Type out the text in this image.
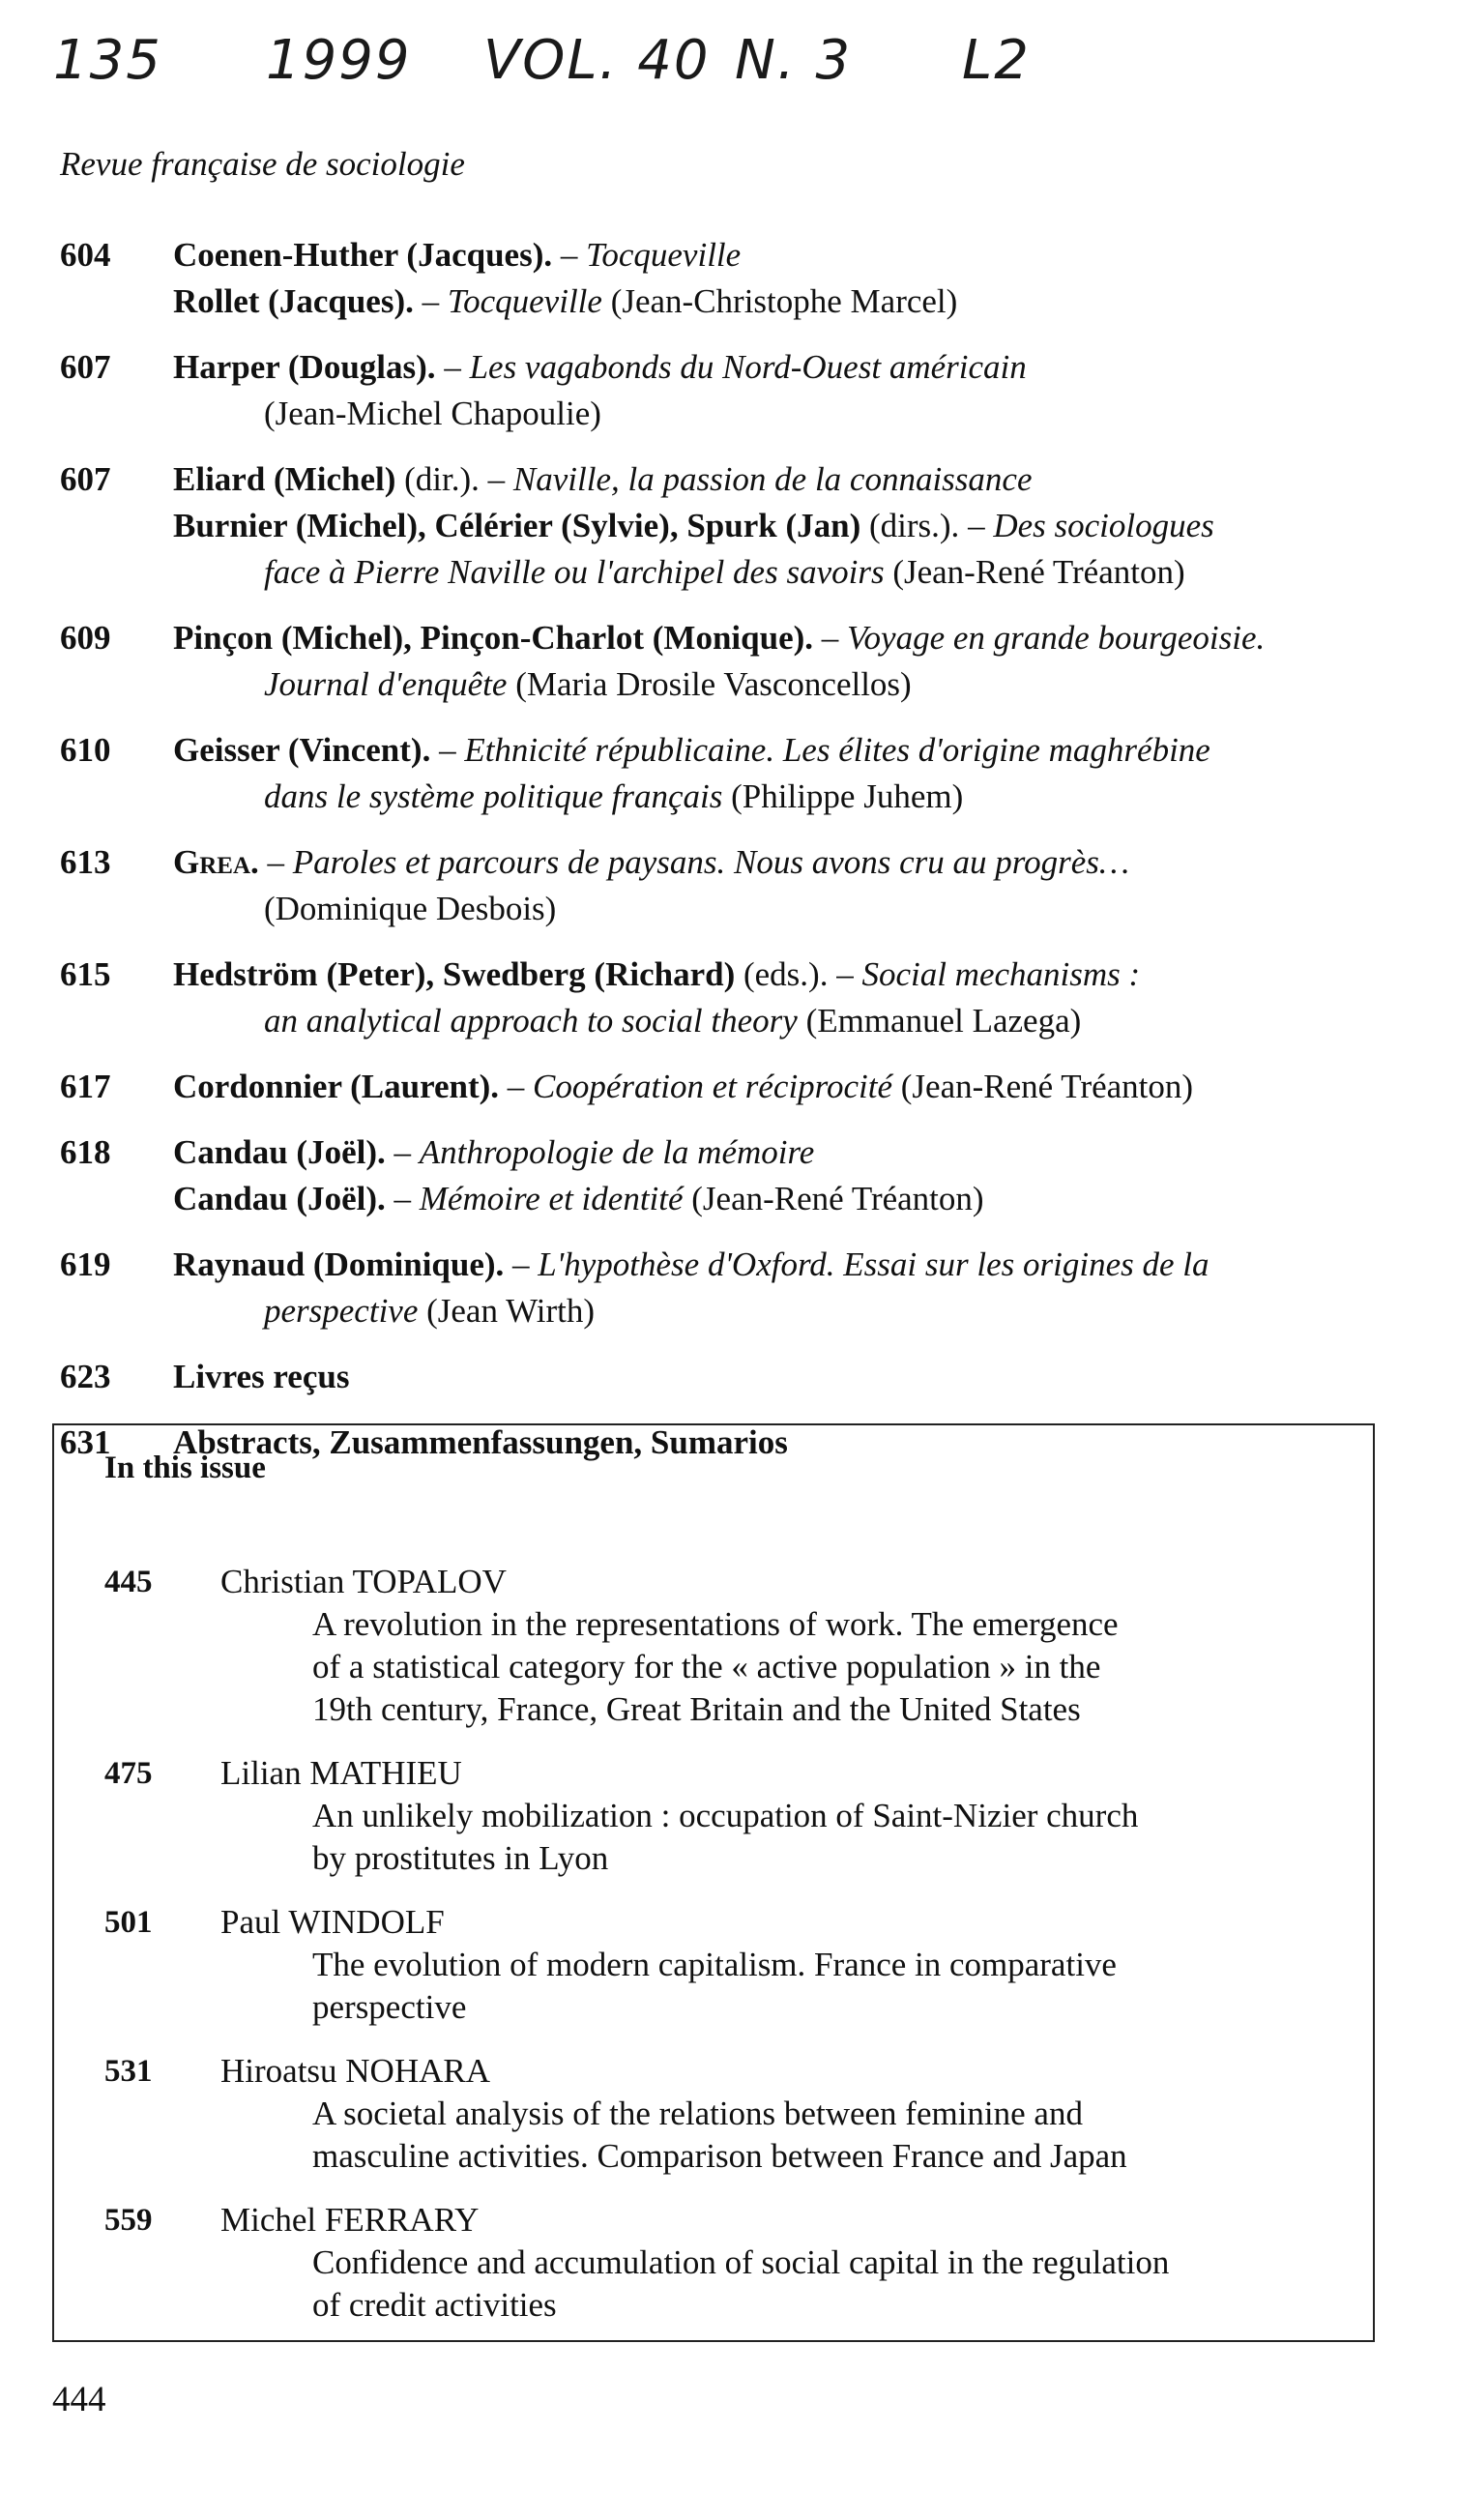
135 1999 VOL. 40 N. 3 L2
Revue française de sociologie
604	Coenen-Huther (Jacques). – Tocqueville
Rollet (Jacques). – Tocqueville (Jean-Christophe Marcel)
607	Harper (Douglas). – Les vagabonds du Nord-Ouest américain
(Jean-Michel Chapoulie)
607	Eliard (Michel) (dir.). – Naville, la passion de la connaissance
Burnier (Michel), Célérier (Sylvie), Spurk (Jan) (dirs.). – Des sociologues
face à Pierre Naville ou l'archipel des savoirs (Jean-René Tréanton)
609	Pinçon (Michel), Pinçon-Charlot (Monique). – Voyage en grande bourgeoisie.
Journal d'enquête (Maria Drosile Vasconcellos)
610	Geisser (Vincent). – Ethnicité républicaine. Les élites d'origine maghrébine
dans le système politique français (Philippe Juhem)
613	Grea. – Paroles et parcours de paysans. Nous avons cru au progrès…
(Dominique Desbois)
615	Hedström (Peter), Swedberg (Richard) (eds.). – Social mechanisms :
an analytical approach to social theory (Emmanuel Lazega)
617	Cordonnier (Laurent). – Coopération et réciprocité (Jean-René Tréanton)
618	Candau (Joël). – Anthropologie de la mémoire
Candau (Joël). – Mémoire et identité (Jean-René Tréanton)
619	Raynaud (Dominique). – L'hypothèse d'Oxford. Essai sur les origines de la
perspective (Jean Wirth)
623	Livres reçus
631	Abstracts, Zusammenfassungen, Sumarios
In this issue
445	Christian TOPALOV
A revolution in the representations of work. The emergence
of a statistical category for the « active population » in the
19th century, France, Great Britain and the United States
475	Lilian MATHIEU
An unlikely mobilization : occupation of Saint-Nizier church
by prostitutes in Lyon
501	Paul WINDOLF
The evolution of modern capitalism. France in comparative
perspective
531	Hiroatsu NOHARA
A societal analysis of the relations between feminine and
masculine activities. Comparison between France and Japan
559	Michel FERRARY
Confidence and accumulation of social capital in the regulation
of credit activities
444
